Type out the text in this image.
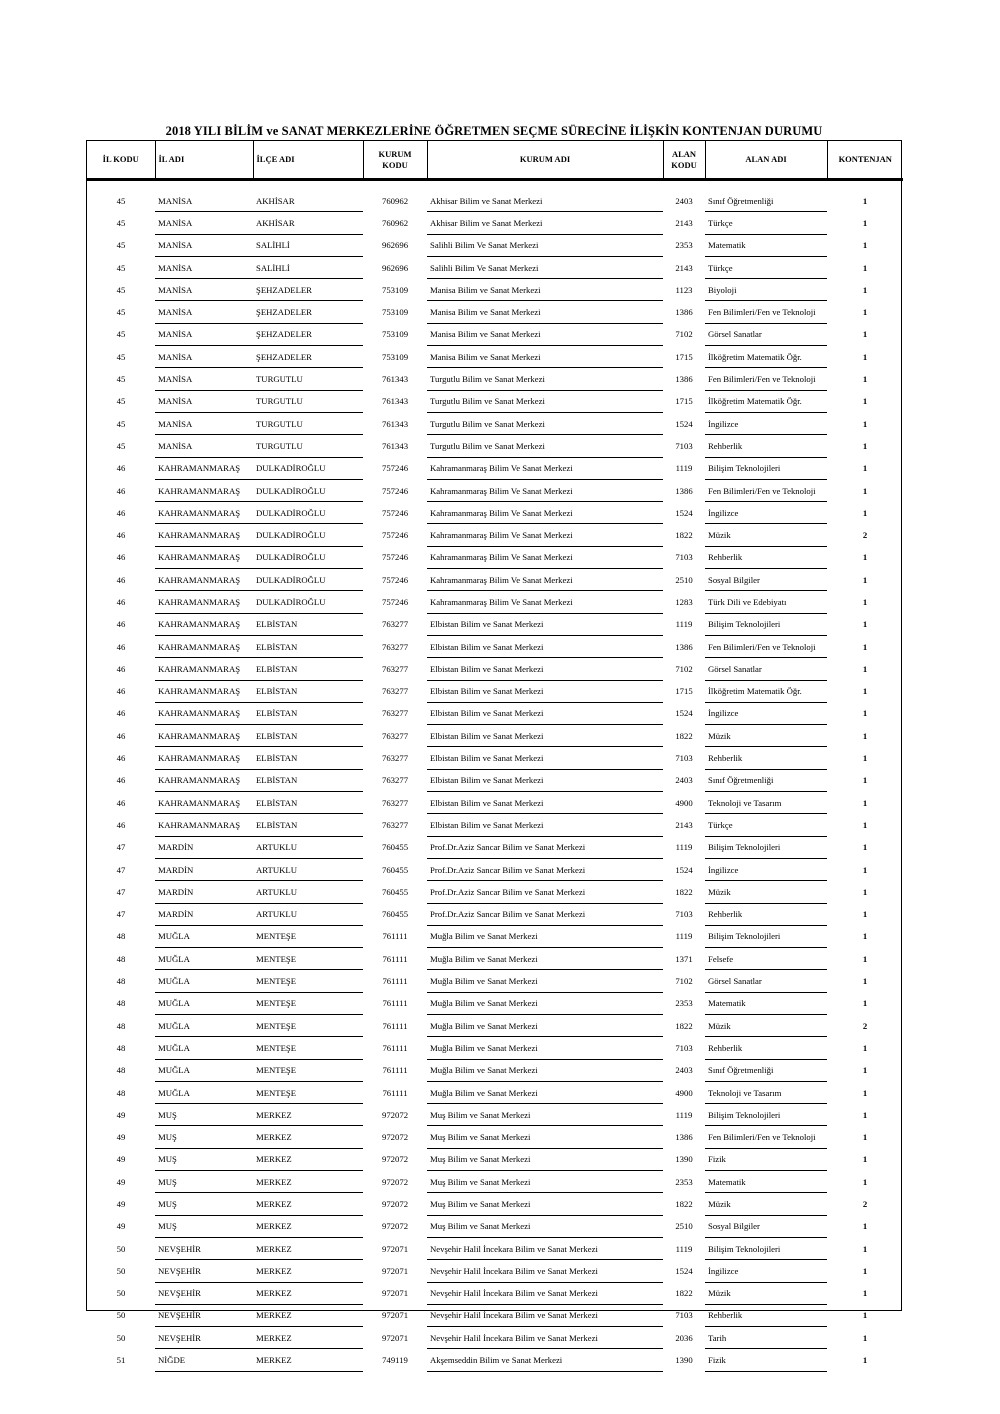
2018 YILI BİLİM ve SANAT MERKEZLERİNE ÖĞRETMEN SEÇME SÜRECİNE İLİŞKİN KONTENJAN DURUMU
İL KODU	İL ADI	İLÇE ADI	KURUM
KODU	KURUM ADI	ALAN
KODU	ALAN ADI	KONTENJAN

45	MANİSA	AKHİSAR	760962	Akhisar Bilim ve Sanat Merkezi	2403	Sınıf Öğretmenliği	1
45	MANİSA	AKHİSAR	760962	Akhisar Bilim ve Sanat Merkezi	2143	Türkçe	1
45	MANİSA	SALİHLİ	962696	Salihli Bilim Ve Sanat Merkezi	2353	Matematik	1
45	MANİSA	SALİHLİ	962696	Salihli Bilim Ve Sanat Merkezi	2143	Türkçe	1
45	MANİSA	ŞEHZADELER	753109	Manisa Bilim ve Sanat Merkezi	1123	Biyoloji	1
45	MANİSA	ŞEHZADELER	753109	Manisa Bilim ve Sanat Merkezi	1386	Fen Bilimleri/Fen ve Teknoloji	1
45	MANİSA	ŞEHZADELER	753109	Manisa Bilim ve Sanat Merkezi	7102	Görsel Sanatlar	1
45	MANİSA	ŞEHZADELER	753109	Manisa Bilim ve Sanat Merkezi	1715	İlköğretim Matematik Öğr.	1
45	MANİSA	TURGUTLU	761343	Turgutlu Bilim ve Sanat Merkezi	1386	Fen Bilimleri/Fen ve Teknoloji	1
45	MANİSA	TURGUTLU	761343	Turgutlu Bilim ve Sanat Merkezi	1715	İlköğretim Matematik Öğr.	1
45	MANİSA	TURGUTLU	761343	Turgutlu Bilim ve Sanat Merkezi	1524	İngilizce	1
45	MANİSA	TURGUTLU	761343	Turgutlu Bilim ve Sanat Merkezi	7103	Rehberlik	1
46	KAHRAMANMARAŞ	DULKADİROĞLU	757246	Kahramanmaraş Bilim Ve Sanat Merkezi	1119	Bilişim Teknolojileri	1
46	KAHRAMANMARAŞ	DULKADİROĞLU	757246	Kahramanmaraş Bilim Ve Sanat Merkezi	1386	Fen Bilimleri/Fen ve Teknoloji	1
46	KAHRAMANMARAŞ	DULKADİROĞLU	757246	Kahramanmaraş Bilim Ve Sanat Merkezi	1524	İngilizce	1
46	KAHRAMANMARAŞ	DULKADİROĞLU	757246	Kahramanmaraş Bilim Ve Sanat Merkezi	1822	Müzik	2
46	KAHRAMANMARAŞ	DULKADİROĞLU	757246	Kahramanmaraş Bilim Ve Sanat Merkezi	7103	Rehberlik	1
46	KAHRAMANMARAŞ	DULKADİROĞLU	757246	Kahramanmaraş Bilim Ve Sanat Merkezi	2510	Sosyal Bilgiler	1
46	KAHRAMANMARAŞ	DULKADİROĞLU	757246	Kahramanmaraş Bilim Ve Sanat Merkezi	1283	Türk Dili ve Edebiyatı	1
46	KAHRAMANMARAŞ	ELBİSTAN	763277	Elbistan Bilim ve Sanat Merkezi	1119	Bilişim Teknolojileri	1
46	KAHRAMANMARAŞ	ELBİSTAN	763277	Elbistan Bilim ve Sanat Merkezi	1386	Fen Bilimleri/Fen ve Teknoloji	1
46	KAHRAMANMARAŞ	ELBİSTAN	763277	Elbistan Bilim ve Sanat Merkezi	7102	Görsel Sanatlar	1
46	KAHRAMANMARAŞ	ELBİSTAN	763277	Elbistan Bilim ve Sanat Merkezi	1715	İlköğretim Matematik Öğr.	1
46	KAHRAMANMARAŞ	ELBİSTAN	763277	Elbistan Bilim ve Sanat Merkezi	1524	İngilizce	1
46	KAHRAMANMARAŞ	ELBİSTAN	763277	Elbistan Bilim ve Sanat Merkezi	1822	Müzik	1
46	KAHRAMANMARAŞ	ELBİSTAN	763277	Elbistan Bilim ve Sanat Merkezi	7103	Rehberlik	1
46	KAHRAMANMARAŞ	ELBİSTAN	763277	Elbistan Bilim ve Sanat Merkezi	2403	Sınıf Öğretmenliği	1
46	KAHRAMANMARAŞ	ELBİSTAN	763277	Elbistan Bilim ve Sanat Merkezi	4900	Teknoloji ve Tasarım	1
46	KAHRAMANMARAŞ	ELBİSTAN	763277	Elbistan Bilim ve Sanat Merkezi	2143	Türkçe	1
47	MARDİN	ARTUKLU	760455	Prof.Dr.Aziz Sancar Bilim ve Sanat Merkezi	1119	Bilişim Teknolojileri	1
47	MARDİN	ARTUKLU	760455	Prof.Dr.Aziz Sancar Bilim ve Sanat Merkezi	1524	İngilizce	1
47	MARDİN	ARTUKLU	760455	Prof.Dr.Aziz Sancar Bilim ve Sanat Merkezi	1822	Müzik	1
47	MARDİN	ARTUKLU	760455	Prof.Dr.Aziz Sancar Bilim ve Sanat Merkezi	7103	Rehberlik	1
48	MUĞLA	MENTEŞE	761111	Muğla Bilim ve Sanat Merkezi	1119	Bilişim Teknolojileri	1
48	MUĞLA	MENTEŞE	761111	Muğla Bilim ve Sanat Merkezi	1371	Felsefe	1
48	MUĞLA	MENTEŞE	761111	Muğla Bilim ve Sanat Merkezi	7102	Görsel Sanatlar	1
48	MUĞLA	MENTEŞE	761111	Muğla Bilim ve Sanat Merkezi	2353	Matematik	1
48	MUĞLA	MENTEŞE	761111	Muğla Bilim ve Sanat Merkezi	1822	Müzik	2
48	MUĞLA	MENTEŞE	761111	Muğla Bilim ve Sanat Merkezi	7103	Rehberlik	1
48	MUĞLA	MENTEŞE	761111	Muğla Bilim ve Sanat Merkezi	2403	Sınıf Öğretmenliği	1
48	MUĞLA	MENTEŞE	761111	Muğla Bilim ve Sanat Merkezi	4900	Teknoloji ve Tasarım	1
49	MUŞ	MERKEZ	972072	Muş Bilim ve Sanat Merkezi	1119	Bilişim Teknolojileri	1
49	MUŞ	MERKEZ	972072	Muş Bilim ve Sanat Merkezi	1386	Fen Bilimleri/Fen ve Teknoloji	1
49	MUŞ	MERKEZ	972072	Muş Bilim ve Sanat Merkezi	1390	Fizik	1
49	MUŞ	MERKEZ	972072	Muş Bilim ve Sanat Merkezi	2353	Matematik	1
49	MUŞ	MERKEZ	972072	Muş Bilim ve Sanat Merkezi	1822	Müzik	2
49	MUŞ	MERKEZ	972072	Muş Bilim ve Sanat Merkezi	2510	Sosyal Bilgiler	1
50	NEVŞEHİR	MERKEZ	972071	Nevşehir Halil İncekara Bilim ve Sanat Merkezi	1119	Bilişim Teknolojileri	1
50	NEVŞEHİR	MERKEZ	972071	Nevşehir Halil İncekara Bilim ve Sanat Merkezi	1524	İngilizce	1
50	NEVŞEHİR	MERKEZ	972071	Nevşehir Halil İncekara Bilim ve Sanat Merkezi	1822	Müzik	1
50	NEVŞEHİR	MERKEZ	972071	Nevşehir Halil İncekara Bilim ve Sanat Merkezi	7103	Rehberlik	1
50	NEVŞEHİR	MERKEZ	972071	Nevşehir Halil İncekara Bilim ve Sanat Merkezi	2036	Tarih	1
51	NİĞDE	MERKEZ	749119	Akşemseddin Bilim ve Sanat Merkezi	1390	Fizik	1
